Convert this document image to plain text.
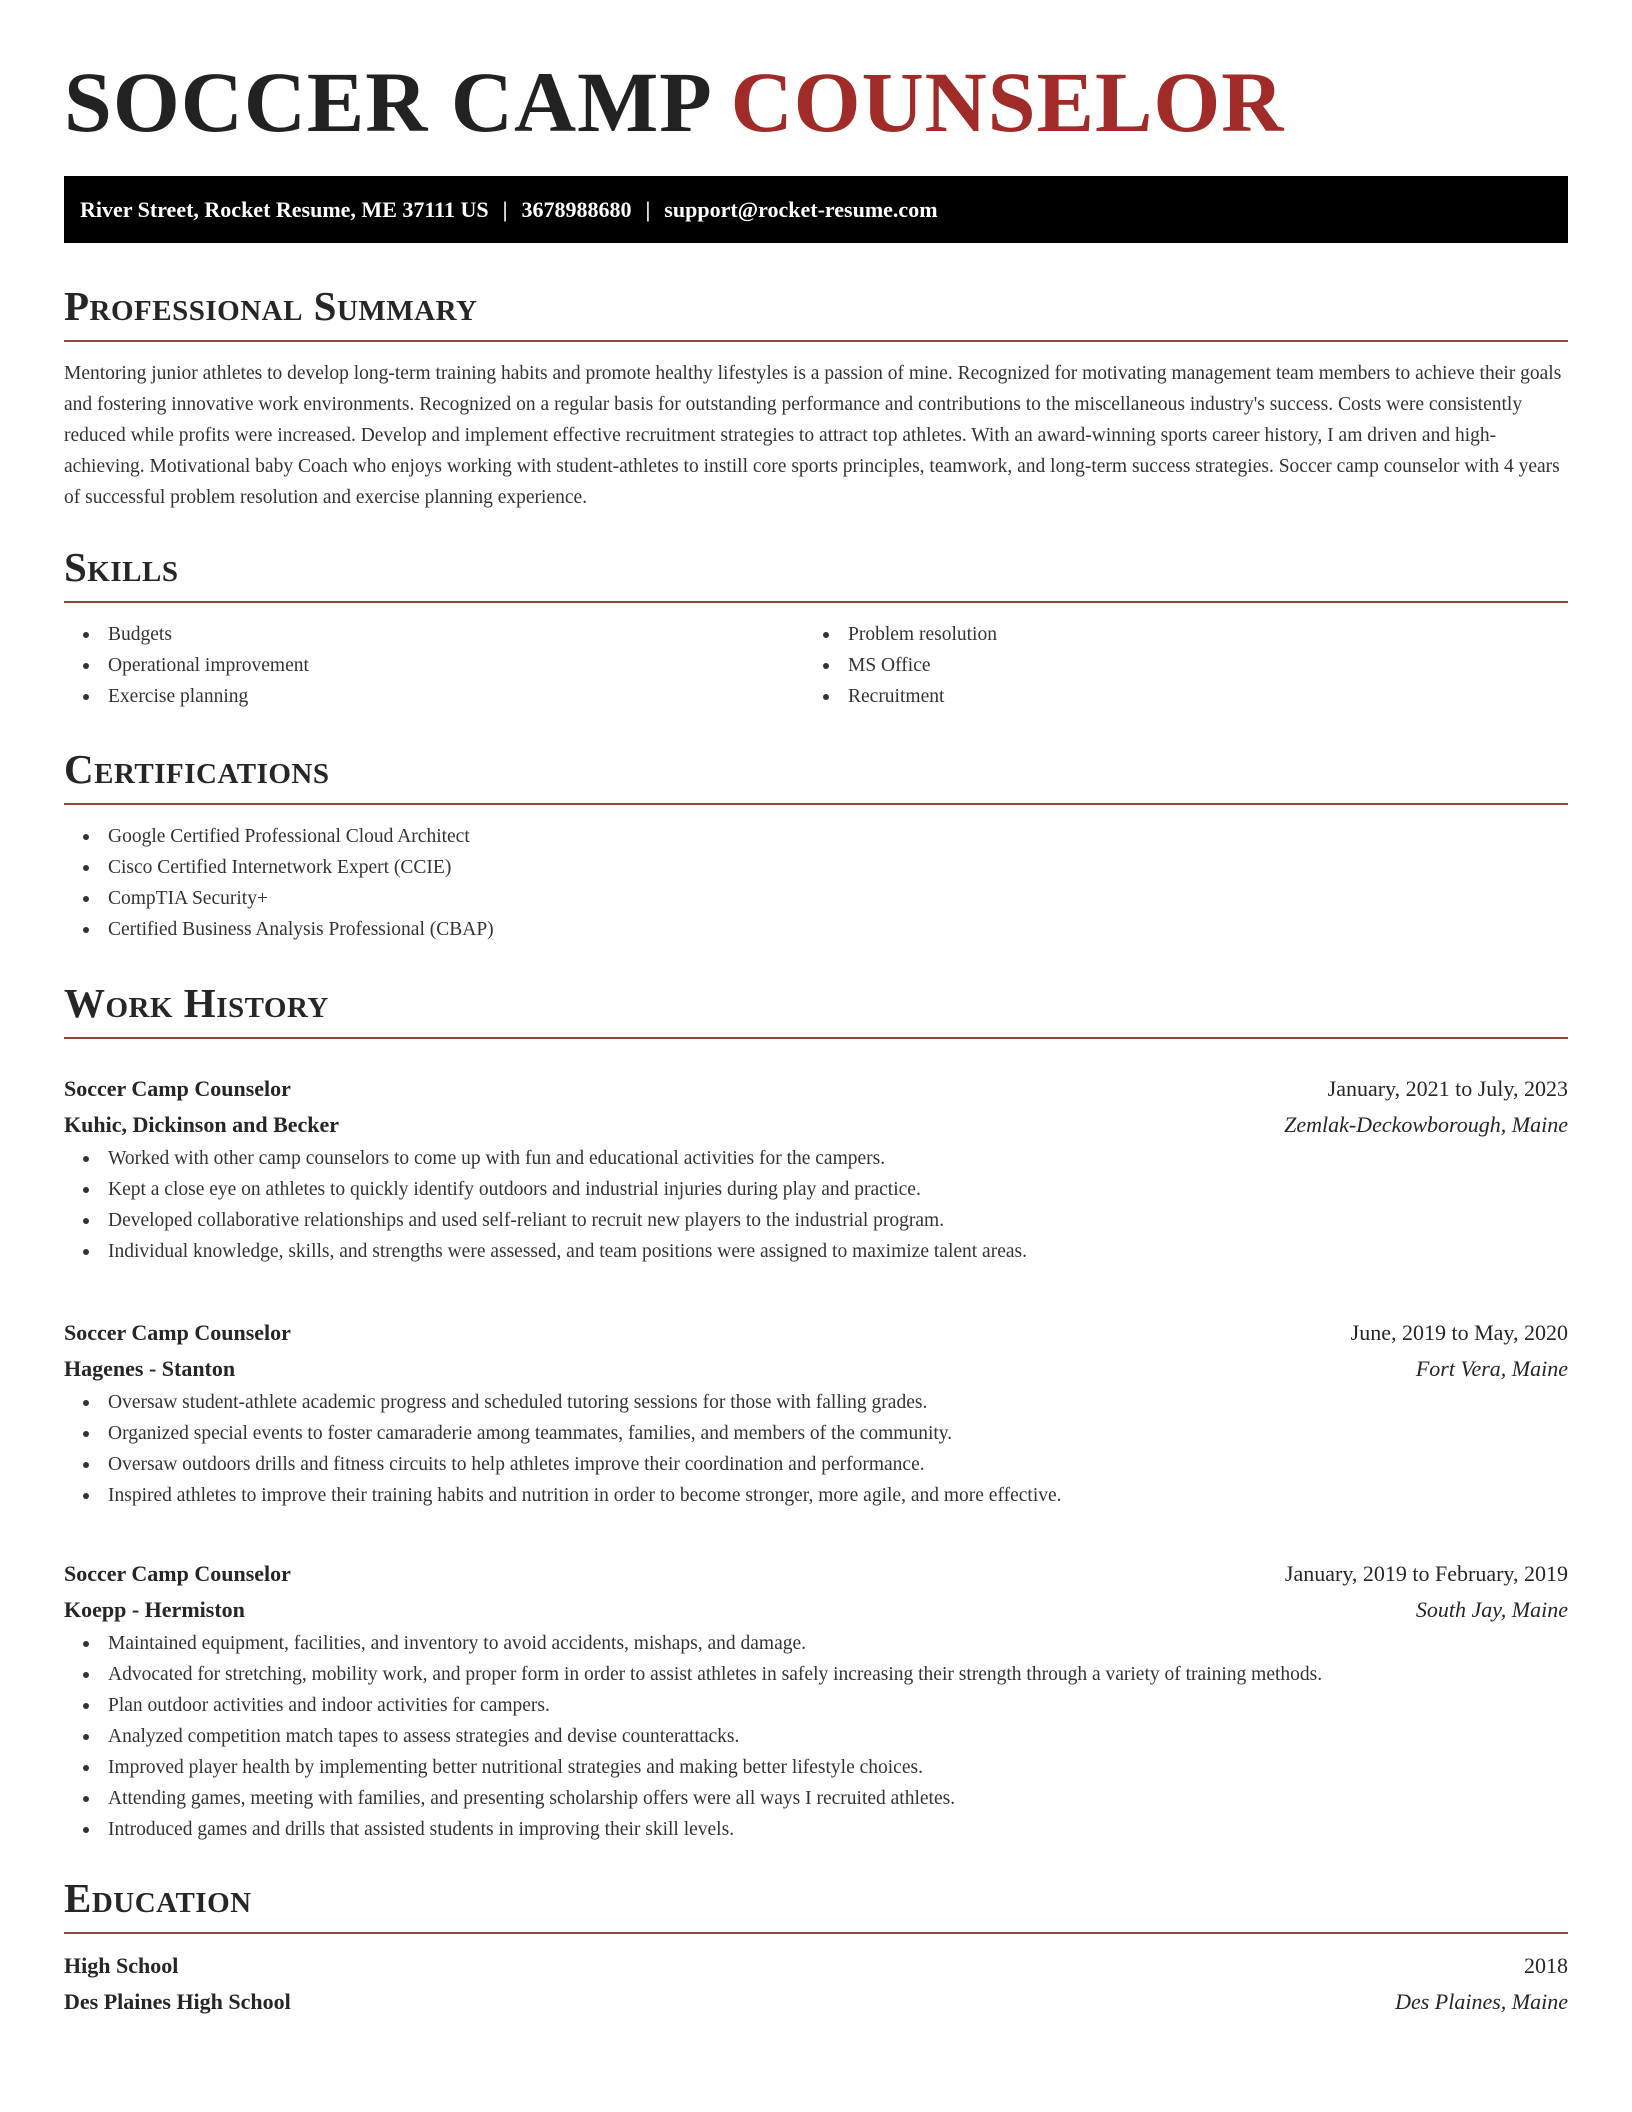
SOCCER CAMP COUNSELOR
River Street, Rocket Resume, ME 37111 US | 3678988680 | support@rocket-resume.com
Professional Summary

Mentoring junior athletes to develop long-term training habits and promote healthy lifestyles is a passion of mine. Recognized for motivating management team members to achieve their goals and fostering innovative work environments. Recognized on a regular basis for outstanding performance and contributions to the miscellaneous industry's success. Costs were consistently reduced while profits were increased. Develop and implement effective recruitment strategies to attract top athletes. With an award-winning sports career history, I am driven and high-achieving. Motivational baby Coach who enjoys working with student-athletes to instill core sports principles, teamwork, and long-term success strategies. Soccer camp counselor with 4 years of successful problem resolution and exercise planning experience.

Skills
Budgets
Operational improvement
Exercise planning
Problem resolution
MS Office
Recruitment
Certifications
Google Certified Professional Cloud Architect
Cisco Certified Internetwork Expert (CCIE)
CompTIA Security+
Certified Business Analysis Professional (CBAP)
Work History
Soccer Camp Counselor	January, 2021 to July, 2023
Kuhic, Dickinson and Becker	Zemlak-Deckowborough, Maine
Worked with other camp counselors to come up with fun and educational activities for the campers.
Kept a close eye on athletes to quickly identify outdoors and industrial injuries during play and practice.
Developed collaborative relationships and used self-reliant to recruit new players to the industrial program.
Individual knowledge, skills, and strengths were assessed, and team positions were assigned to maximize talent areas.
Soccer Camp Counselor	June, 2019 to May, 2020
Hagenes - Stanton	Fort Vera, Maine
Oversaw student-athlete academic progress and scheduled tutoring sessions for those with falling grades.
Organized special events to foster camaraderie among teammates, families, and members of the community.
Oversaw outdoors drills and fitness circuits to help athletes improve their coordination and performance.
Inspired athletes to improve their training habits and nutrition in order to become stronger, more agile, and more effective.
Soccer Camp Counselor	January, 2019 to February, 2019
Koepp - Hermiston	South Jay, Maine
Maintained equipment, facilities, and inventory to avoid accidents, mishaps, and damage.
Advocated for stretching, mobility work, and proper form in order to assist athletes in safely increasing their strength through a variety of training methods.
Plan outdoor activities and indoor activities for campers.
Analyzed competition match tapes to assess strategies and devise counterattacks.
Improved player health by implementing better nutritional strategies and making better lifestyle choices.
Attending games, meeting with families, and presenting scholarship offers were all ways I recruited athletes.
Introduced games and drills that assisted students in improving their skill levels.
Education
High School	2018
Des Plaines High School	Des Plaines, Maine
